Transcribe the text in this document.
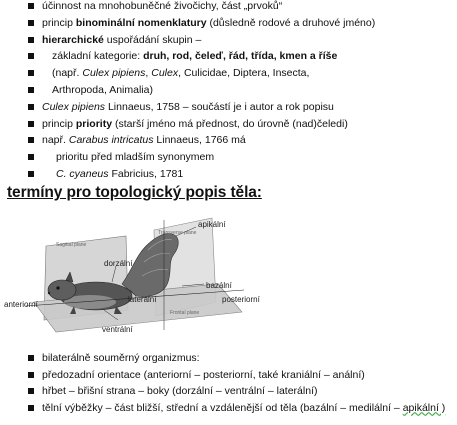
účinnost na mnohobuněčné živočichy, část „prvoků“
princip binominální nomenklatury (důsledně rodové a druhové jméno)
hierarchické uspořádání skupin –
základní kategorie: druh, rod, čeleď, řád, třída, kmen a říše
(např. Culex pipiens, Culex, Culicidae, Diptera, Insecta,
Arthropoda, Animalia)
Culex pipiens Linnaeus, 1758 – součástí je i autor a rok popisu
princip priority (starší jméno má přednost, do úrovně (nad)čeledi)
např. Carabus intricatus Linnaeus, 1766 má
prioritu před mladším synonymem
C. cyaneus Fabricius, 1781
termíny pro topologický popis těla:
Sagittal plane
Transverse plane
Frontal plane
apikální
dorzální
laterální
bazální
posteriorní
anteriorní
ventrální
bilaterálně souměrný organizmus:
předozadní orientace (anteriorní – posteriorní, také kraniální – anální)
hřbet – břišní strana – boky (dorzální – ventrální – laterální)
tělní výběžky – část bližší, střední a vzdálenější od těla (bazální – medilální – apikální )
